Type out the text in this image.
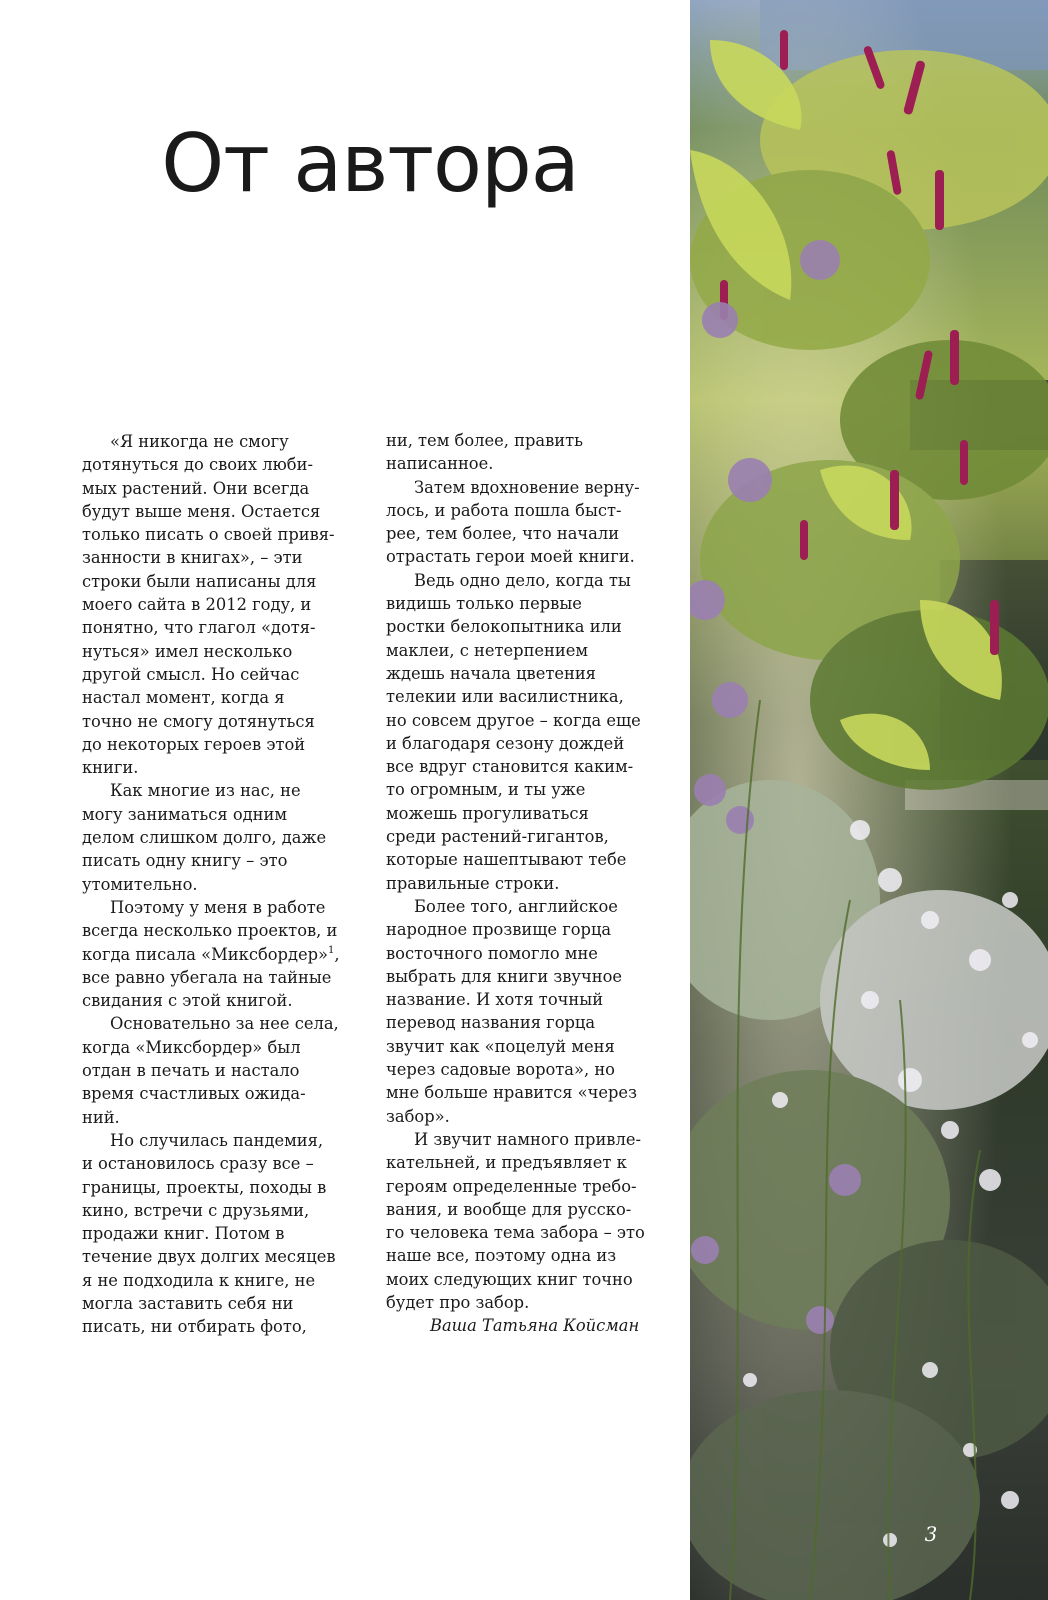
От автора
«Я никогда не смогу
дотянуться до своих люби-
мых растений. Они всегда
будут выше меня. Остается
только писать о своей привя-
занности в книгах», – эти
строки были написаны для
моего сайта в 2012 году, и
понятно, что глагол «дотя-
нуться» имел несколько
другой смысл. Но сейчас
настал момент, когда я
точно не смогу дотянуться
до некоторых героев этой
книги.
Как многие из нас, не
могу заниматься одним
делом слишком долго, даже
писать одну книгу – это
утомительно.
Поэтому у меня в работе
всегда несколько проектов, и
когда писала «Миксбордер»$^1$,
все равно убегала на тайные
свидания с этой книгой.
Основательно за нее села,
когда «Миксбордер» был
отдан в печать и настало
время счастливых ожида-
ний.
Но случилась пандемия,
и остановилось сразу все –
границы, проекты, походы в
кино, встречи с друзьями,
продажи книг. Потом в
течение двух долгих месяцев
я не подходила к книге, не
могла заставить себя ни
писать, ни отбирать фото,
ни, тем более, править
написанное.
Затем вдохновение верну-
лось, и работа пошла быст-
рее, тем более, что начали
отрастать герои моей книги.
Ведь одно дело, когда ты
видишь только первые
ростки белокопытника или
маклеи, с нетерпением
ждешь начала цветения
телекии или василистника,
но совсем другое – когда еще
и благодаря сезону дождей
все вдруг становится каким-
то огромным, и ты уже
можешь прогуливаться
среди растений-гигантов,
которые нашептывают тебе
правильные строки.
Более того, английское
народное прозвище горца
восточного помогло мне
выбрать для книги звучное
название. И хотя точный
перевод названия горца
звучит как «поцелуй меня
через садовые ворота», но
мне больше нравится «через
забор».
И звучит намного привле-
кательней, и предъявляет к
героям определенные требо-
вания, и вообще для русско-
го человека тема забора – это
наше все, поэтому одна из
моих следующих книг точно
будет про забор.
Ваша Татьяна Койсман
3
